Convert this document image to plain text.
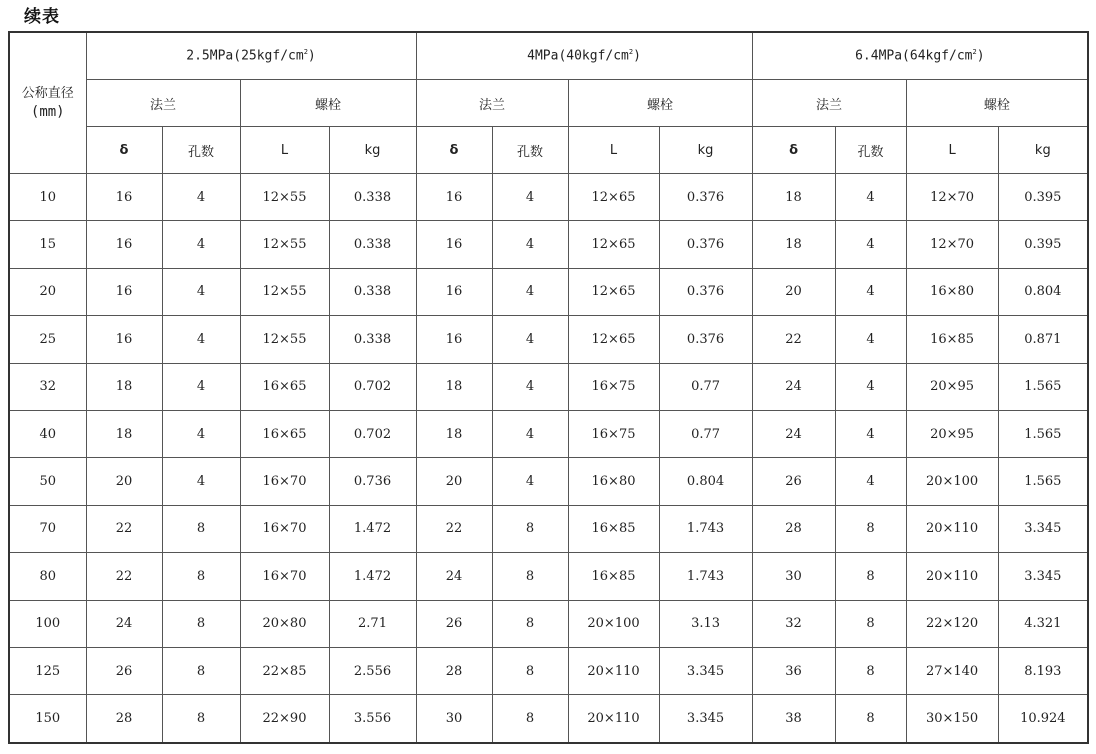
续表
公称直径
(mm)	$2.5MPa(25kgf/cm^2)$				$4MPa(40kgf/cm^2)$				$6.4MPa(64kgf/cm^2)$			
	法兰		螺栓		法兰		螺栓		法兰		螺栓	
	δ	孔数	L	kg	δ	孔数	L	kg	δ	孔数	L	kg
10	16	4	12×55	0.338	16	4	12×65	0.376	18	4	12×70	0.395
15	16	4	12×55	0.338	16	4	12×65	0.376	18	4	12×70	0.395
20	16	4	12×55	0.338	16	4	12×65	0.376	20	4	16×80	0.804
25	16	4	12×55	0.338	16	4	12×65	0.376	22	4	16×85	0.871
32	18	4	16×65	0.702	18	4	16×75	0.77	24	4	20×95	1.565
40	18	4	16×65	0.702	18	4	16×75	0.77	24	4	20×95	1.565
50	20	4	16×70	0.736	20	4	16×80	0.804	26	4	20×100	1.565
70	22	8	16×70	1.472	22	8	16×85	1.743	28	8	20×110	3.345
80	22	8	16×70	1.472	24	8	16×85	1.743	30	8	20×110	3.345
100	24	8	20×80	2.71	26	8	20×100	3.13	32	8	22×120	4.321
125	26	8	22×85	2.556	28	8	20×110	3.345	36	8	27×140	8.193
150	28	8	22×90	3.556	30	8	20×110	3.345	38	8	30×150	10.924
